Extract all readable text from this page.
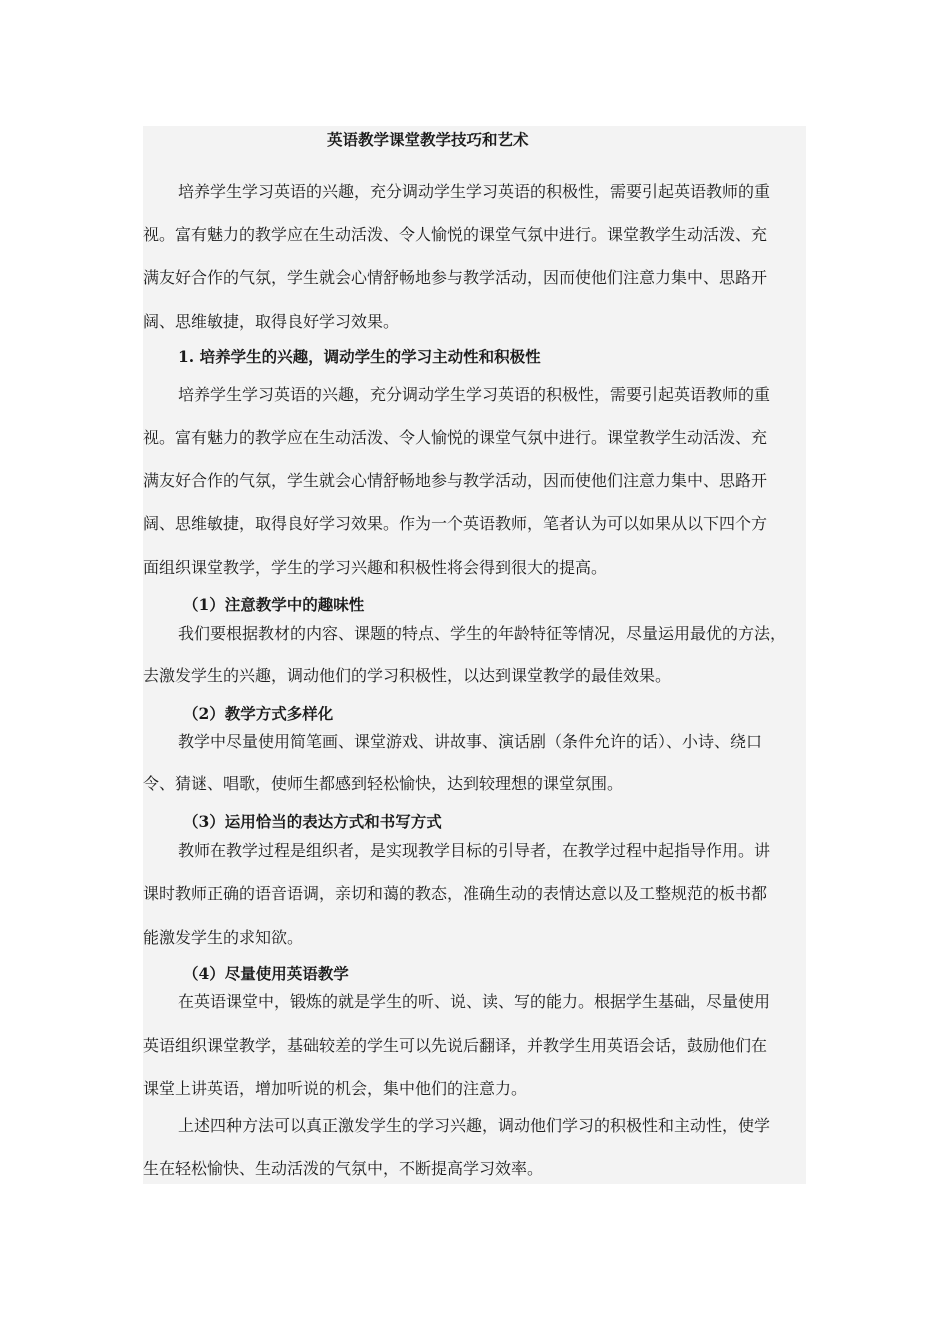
英语教学课堂教学技巧和艺术
培养学生学习英语的兴趣，充分调动学生学习英语的积极性，需要引起英语教师的重
视。富有魅力的教学应在生动活泼、令人愉悦的课堂气氛中进行。课堂教学生动活泼、充
满友好合作的气氛，学生就会心情舒畅地参与教学活动，因而使他们注意力集中、思路开
阔、思维敏捷，取得良好学习效果。
1. 培养学生的兴趣，调动学生的学习主动性和积极性
培养学生学习英语的兴趣，充分调动学生学习英语的积极性，需要引起英语教师的重
视。富有魅力的教学应在生动活泼、令人愉悦的课堂气氛中进行。课堂教学生动活泼、充
满友好合作的气氛，学生就会心情舒畅地参与教学活动，因而使他们注意力集中、思路开
阔、思维敏捷，取得良好学习效果。作为一个英语教师，笔者认为可以如果从以下四个方
面组织课堂教学，学生的学习兴趣和积极性将会得到很大的提高。
（1）注意教学中的趣味性
我们要根据教材的内容、课题的特点、学生的年龄特征等情况，尽量运用最优的方法，
去激发学生的兴趣，调动他们的学习积极性，以达到课堂教学的最佳效果。
（2）教学方式多样化
教学中尽量使用简笔画、课堂游戏、讲故事、演话剧（条件允许的话）、小诗、绕口
令、猜谜、唱歌，使师生都感到轻松愉快，达到较理想的课堂氛围。
（3）运用恰当的表达方式和书写方式
教师在教学过程是组织者，是实现教学目标的引导者，在教学过程中起指导作用。讲
课时教师正确的语音语调，亲切和蔼的教态，准确生动的表情达意以及工整规范的板书都
能激发学生的求知欲。
（4）尽量使用英语教学
在英语课堂中，锻炼的就是学生的听、说、读、写的能力。根据学生基础，尽量使用
英语组织课堂教学，基础较差的学生可以先说后翻译，并教学生用英语会话，鼓励他们在
课堂上讲英语，增加听说的机会，集中他们的注意力。
上述四种方法可以真正激发学生的学习兴趣，调动他们学习的积极性和主动性，使学
生在轻松愉快、生动活泼的气氛中，不断提高学习效率。
